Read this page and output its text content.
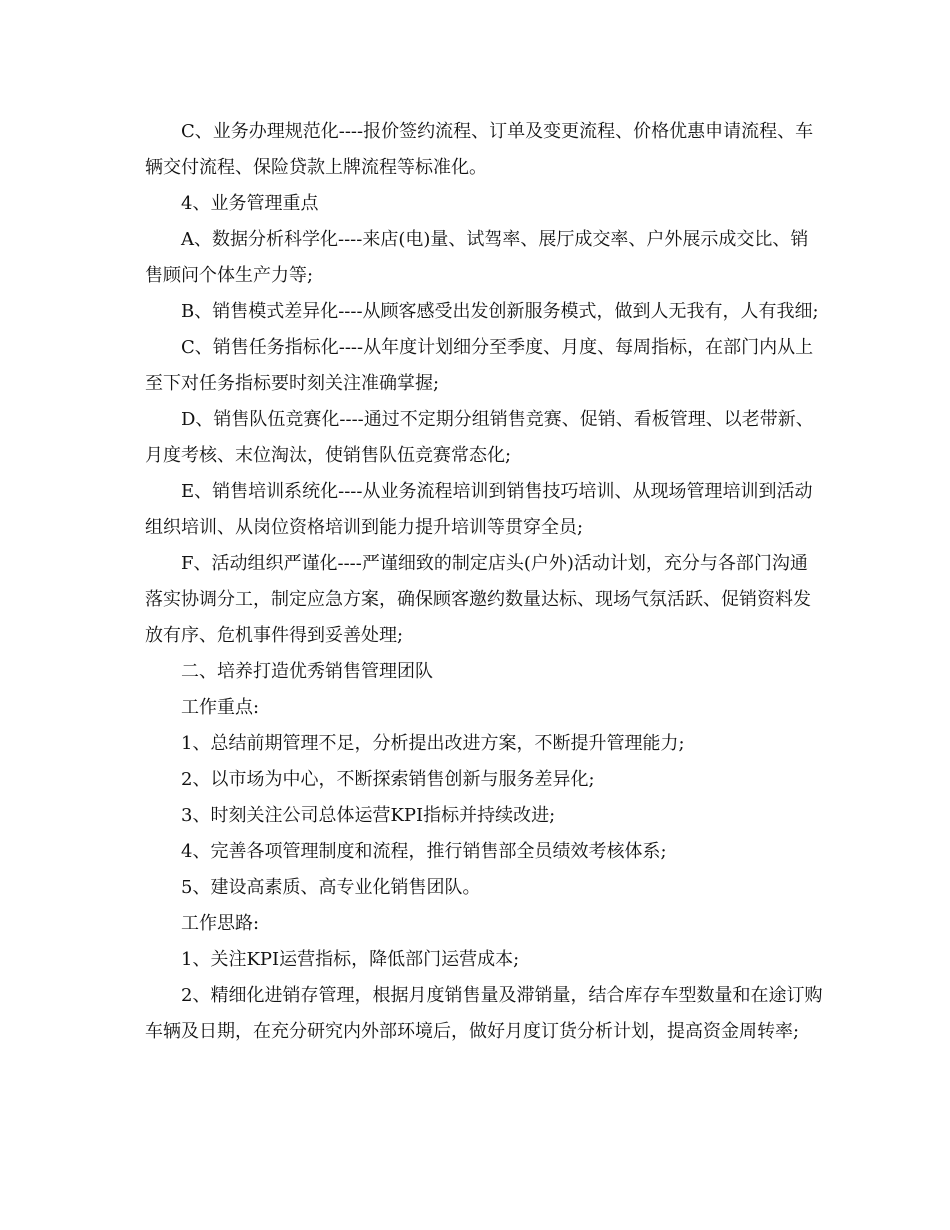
C、业务办理规范化----报价签约流程、订单及变更流程、价格优惠申请流程、车辆交付流程、保险贷款上牌流程等标准化。

4、业务管理重点

A、数据分析科学化----来店(电)量、试驾率、展厅成交率、户外展示成交比、销售顾问个体生产力等;

B、销售模式差异化----从顾客感受出发创新服务模式，做到人无我有，人有我细;

C、销售任务指标化----从年度计划细分至季度、月度、每周指标，在部门内从上至下对任务指标要时刻关注准确掌握;

D、销售队伍竞赛化----通过不定期分组销售竞赛、促销、看板管理、以老带新、月度考核、末位淘汰，使销售队伍竞赛常态化;

E、销售培训系统化----从业务流程培训到销售技巧培训、从现场管理培训到活动组织培训、从岗位资格培训到能力提升培训等贯穿全员;

F、活动组织严谨化----严谨细致的制定店头(户外)活动计划，充分与各部门沟通落实协调分工，制定应急方案，确保顾客邀约数量达标、现场气氛活跃、促销资料发放有序、危机事件得到妥善处理;

二、培养打造优秀销售管理团队

工作重点:

1、总结前期管理不足，分析提出改进方案，不断提升管理能力;

2、以市场为中心，不断探索销售创新与服务差异化;

3、时刻关注公司总体运营KPI指标并持续改进;

4、完善各项管理制度和流程，推行销售部全员绩效考核体系;

5、建设高素质、高专业化销售团队。

工作思路:

1、关注KPI运营指标，降低部门运营成本;

2、精细化进销存管理，根据月度销售量及滞销量，结合库存车型数量和在途订购车辆及日期，在充分研究内外部环境后，做好月度订货分析计划，提高资金周转率;
